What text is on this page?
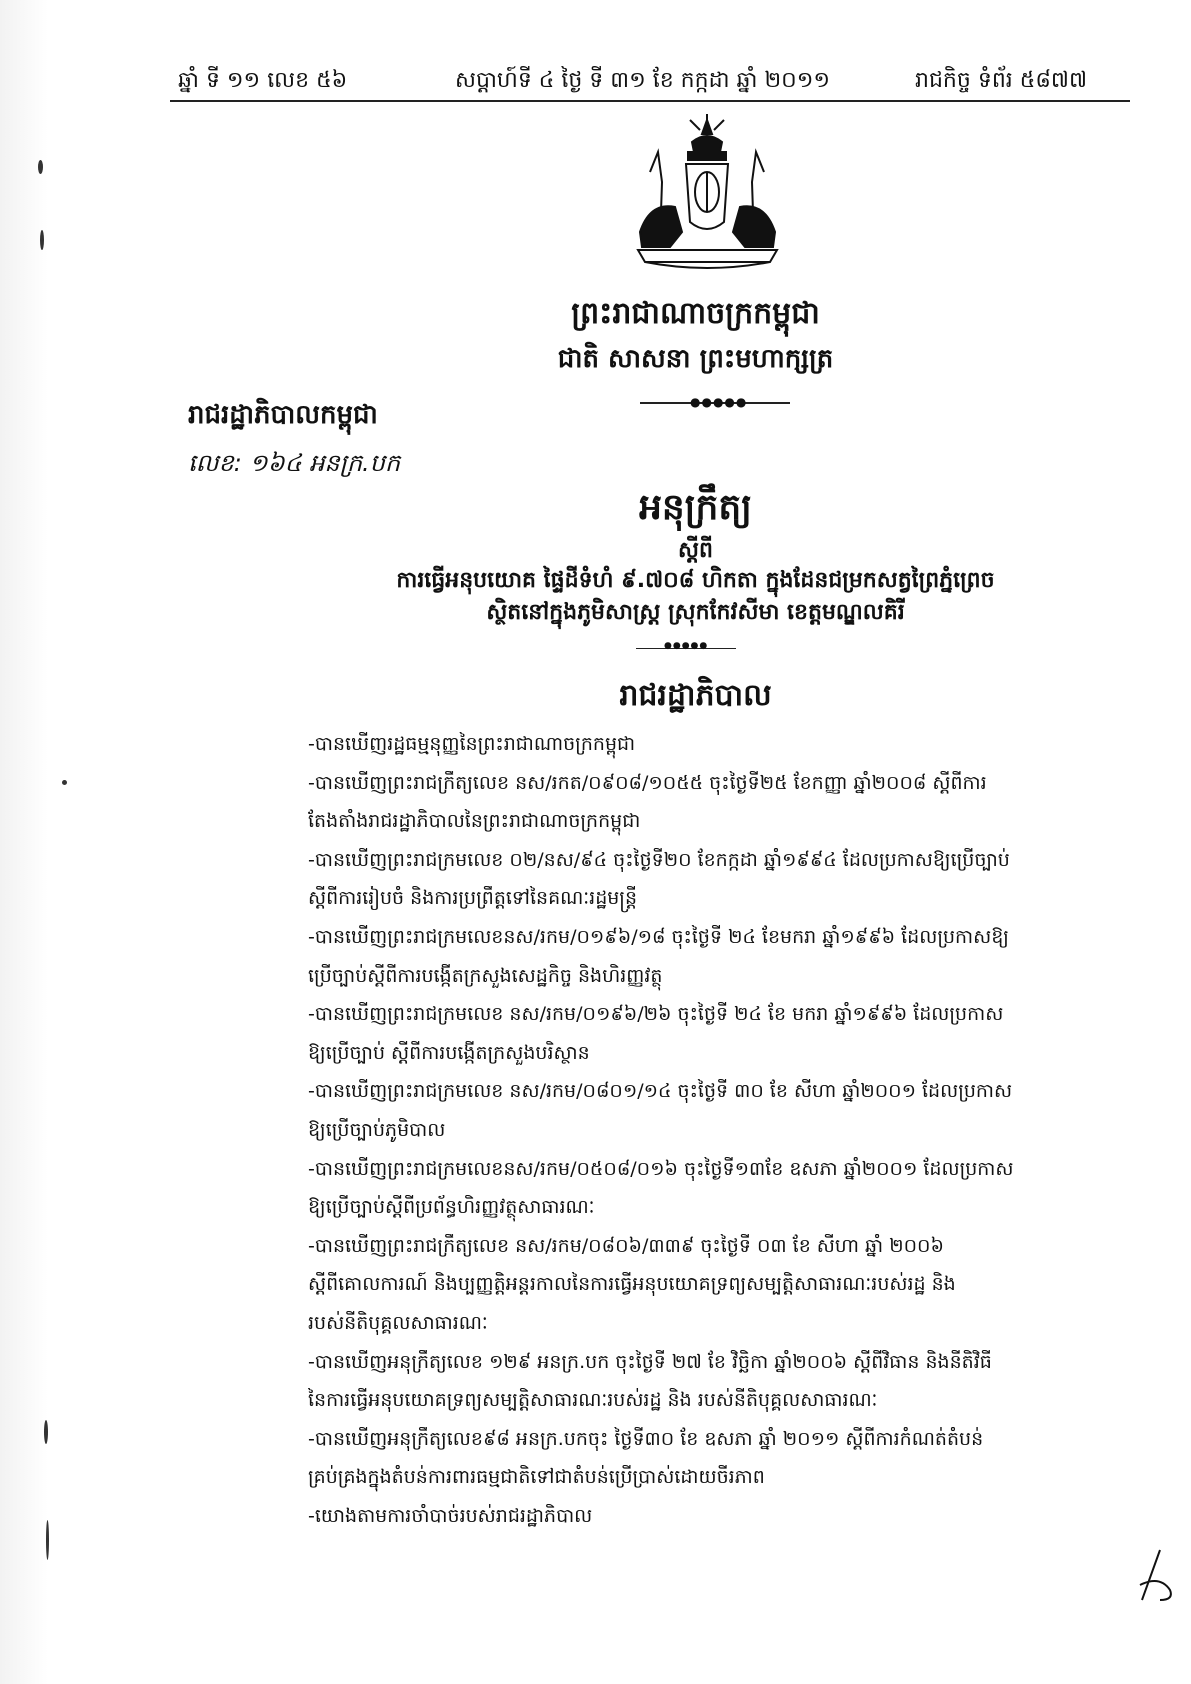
ឆ្នាំ ទី ១១ លេខ ៥៦	សប្តាហ៍ទី ៤ ថ្ងៃ ទី ៣១ ខែ កក្កដា ឆ្នាំ ២០១១	រាជកិច្ច ទំព័រ ៥៨៧៧
ព្រះរាជាណាចក្រកម្ពុជា
ជាតិ សាសនា ព្រះមហាក្សត្រ
●●●●●
រាជរដ្ឋាភិបាលកម្ពុជា
លេខ: ១៦៤ អនក្រ.បក
អនុក្រឹត្យ
ស្តីពី
ការធ្វើអនុបយោគ ផ្ទៃដីទំហំ ៩.៧០៨ ហិកតា ក្នុងដែនជម្រកសត្វព្រៃភ្នំព្រេច
ស្ថិតនៅក្នុងភូមិសាស្ត្រ ស្រុកកែវសីមា ខេត្តមណ្ឌលគិរី
●●●●●
រាជរដ្ឋាភិបាល
-បានឃើញរដ្ឋធម្មនុញ្ញនៃព្រះរាជាណាចក្រកម្ពុជា
-បានឃើញព្រះរាជក្រឹត្យលេខ នស/រកត/០៩០៨/១០៥៥ ចុះថ្ងៃទី២៥ ខែកញ្ញា ឆ្នាំ២០០៨ ស្តីពីការ
តែងតាំងរាជរដ្ឋាភិបាលនៃព្រះរាជាណាចក្រកម្ពុជា
-បានឃើញព្រះរាជក្រមលេខ ០២/នស/៩៤ ចុះថ្ងៃទី២០ ខែកក្កដា ឆ្នាំ១៩៩៤ ដែលប្រកាសឱ្យប្រើច្បាប់
ស្តីពីការរៀបចំ និងការប្រព្រឹត្តទៅនៃគណៈរដ្ឋមន្ត្រី
-បានឃើញព្រះរាជក្រមលេខនស/រកម/០១៩៦/១៨ ចុះថ្ងៃទី ២៤ ខែមករា ឆ្នាំ១៩៩៦ ដែលប្រកាសឱ្យ
ប្រើច្បាប់ស្តីពីការបង្កើតក្រសួងសេដ្ឋកិច្ច និងហិរញ្ញវត្ថុ
-បានឃើញព្រះរាជក្រមលេខ នស/រកម/០១៩៦/២៦ ចុះថ្ងៃទី ២៤ ខែ មករា ឆ្នាំ១៩៩៦ ដែលប្រកាស
ឱ្យប្រើច្បាប់ ស្តីពីការបង្កើតក្រសួងបរិស្ថាន
-បានឃើញព្រះរាជក្រមលេខ នស/រកម/០៨០១/១៤ ចុះថ្ងៃទី ៣០ ខែ សីហា ឆ្នាំ២០០១ ដែលប្រកាស
ឱ្យប្រើច្បាប់ភូមិបាល
-បានឃើញព្រះរាជក្រមលេខនស/រកម/០៥០៨/០១៦ ចុះថ្ងៃទី១៣ខែ ឧសភា ឆ្នាំ២០០១ ដែលប្រកាស
ឱ្យប្រើច្បាប់ស្តីពីប្រព័ន្ធហិរញ្ញវត្ថុសាធារណៈ
-បានឃើញព្រះរាជក្រឹត្យលេខ នស/រកម/០៨០៦/៣៣៩ ចុះថ្ងៃទី ០៣ ខែ សីហា ឆ្នាំ ២០០៦
ស្តីពីគោលការណ៍ និងប្បញ្ញត្តិអន្តរកាលនៃការធ្វើអនុបយោគទ្រព្យសម្បត្តិសាធារណៈរបស់រដ្ឋ និង
របស់នីតិបុគ្គលសាធារណៈ
-បានឃើញអនុក្រឹត្យលេខ ១២៩ អនក្រ.បក ចុះថ្ងៃទី ២៧ ខែ វិច្ឆិកា ឆ្នាំ២០០៦ ស្តីពីវិធាន និងនីតិវិធី
នៃការធ្វើអនុបយោគទ្រព្យសម្បត្តិសាធារណៈរបស់រដ្ឋ និង របស់នីតិបុគ្គលសាធារណៈ
-បានឃើញអនុក្រឹត្យលេខ៩៨ អនក្រ.បកចុះ ថ្ងៃទី៣០ ខែ ឧសភា ឆ្នាំ ២០១១ ស្តីពីការកំណត់តំបន់
គ្រប់គ្រងក្នុងតំបន់ការពារធម្មជាតិទៅជាតំបន់ប្រើប្រាស់ដោយចីរភាព
-យោងតាមការចាំបាច់របស់រាជរដ្ឋាភិបាល
